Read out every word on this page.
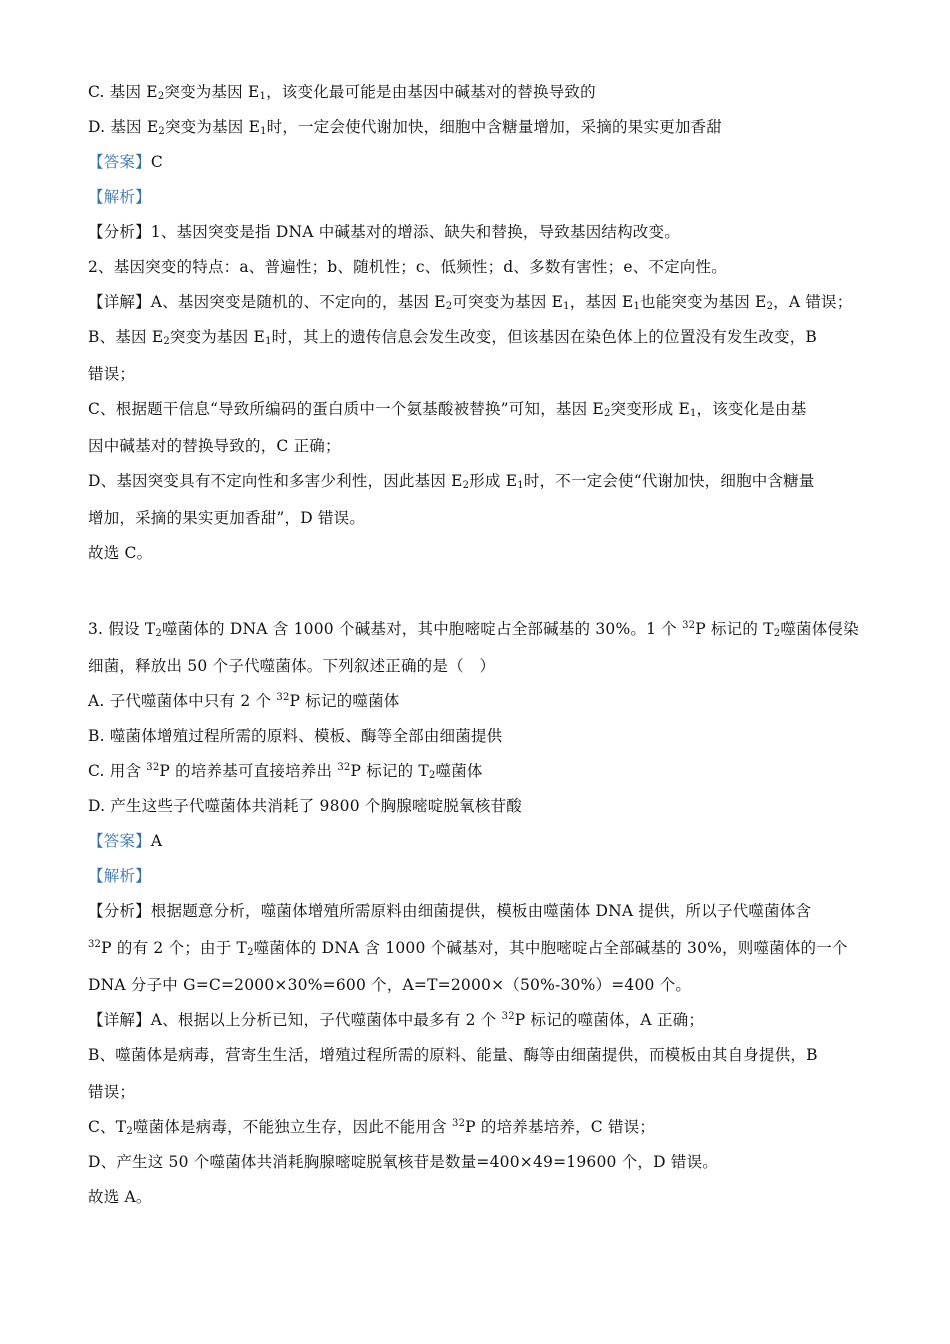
C. 基因 $E_2$突变为基因 $E_1$，该变化最可能是由基因中碱基对的替换导致的
D. 基因 $E_2$突变为基因 $E_1$时，一定会使代谢加快，细胞中含糖量增加，采摘的果实更加香甜
【答案】C
【解析】
【分析】1、基因突变是指 DNA 中碱基对的增添、缺失和替换，导致基因结构改变。
2、基因突变的特点：a、普遍性；b、随机性；c、低频性；d、多数有害性；e、不定向性。
【详解】A、基因突变是随机的、不定向的，基因 $E_2$可突变为基因 $E_1$，基因 $E_1$也能突变为基因 $E_2$，A 错误；
B、基因 $E_2$突变为基因 $E_1$时，其上的遗传信息会发生改变，但该基因在染色体上的位置没有发生改变，B
错误；
C、根据题干信息“导致所编码的蛋白质中一个氨基酸被替换”可知，基因 $E_2$突变形成 $E_1$，该变化是由基
因中碱基对的替换导致的，C 正确；
D、基因突变具有不定向性和多害少利性，因此基因 $E_2$形成 $E_1$时，不一定会使“代谢加快，细胞中含糖量
增加，采摘的果实更加香甜”，D 错误。
故选 C。
3. 假设 $T_2$噬菌体的 DNA 含 1000 个碱基对，其中胞嘧啶占全部碱基的 30%。1 个 $^{32}$P 标记的 $T_2$噬菌体侵染
细菌，释放出 50 个子代噬菌体。下列叙述正确的是（　）
A. 子代噬菌体中只有 2 个 $^{32}$P 标记的噬菌体
B. 噬菌体增殖过程所需的原料、模板、酶等全部由细菌提供
C. 用含 $^{32}$P 的培养基可直接培养出 $^{32}$P 标记的 $T_2$噬菌体
D. 产生这些子代噬菌体共消耗了 9800 个胸腺嘧啶脱氧核苷酸
【答案】A
【解析】
【分析】根据题意分析，噬菌体增殖所需原料由细菌提供，模板由噬菌体 DNA 提供，所以子代噬菌体含
$^{32}$P 的有 2 个；由于 $T_2$噬菌体的 DNA 含 1000 个碱基对，其中胞嘧啶占全部碱基的 30%，则噬菌体的一个
DNA 分子中 G=C=2000×30%=600 个，A=T=2000×（50%-30%）=400 个。
【详解】A、根据以上分析已知，子代噬菌体中最多有 2 个 $^{32}$P 标记的噬菌体，A 正确；
B、噬菌体是病毒，营寄生生活，增殖过程所需的原料、能量、酶等由细菌提供，而模板由其自身提供，B
错误；
C、$T_2$噬菌体是病毒，不能独立生存，因此不能用含 $^{32}$P 的培养基培养，C 错误；
D、产生这 50 个噬菌体共消耗胸腺嘧啶脱氧核苷是数量=400×49=19600 个，D 错误。
故选 A。
